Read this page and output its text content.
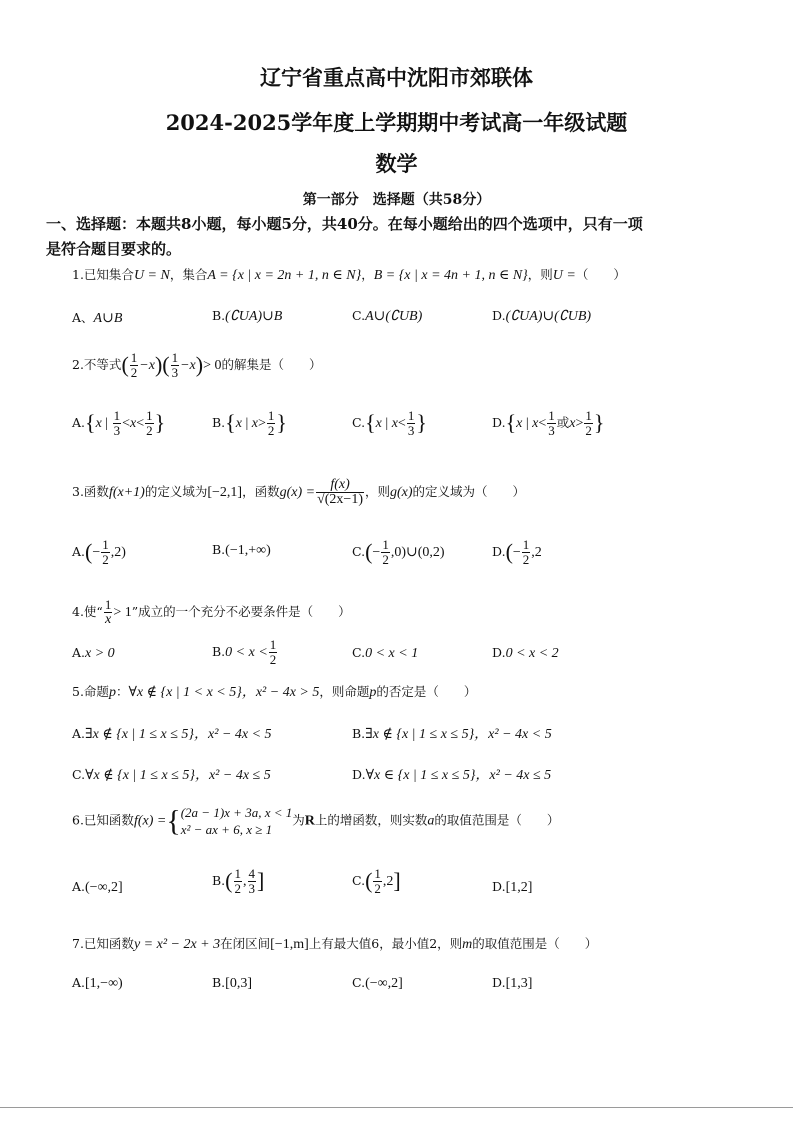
辽宁省重点高中沈阳市郊联体
2024-2025学年度上学期期中考试高一年级试题
数学
第一部分　选择题（共58分）
一、选择题：本题共8小题，每小题5分，共40分。在每小题给出的四个选项中，只有一项
是符合题目要求的。
1.已知集合U = N，集合A = {x | x = 2n + 1, n ∈ N}，B = {x | x = 4n + 1, n ∈ N}，则U =（　　）
A、A∪B	B.(∁UA)∪B	C.A∪(∁UB)	D.(∁UA)∪(∁UB)
2.不等式( $\frac{1}{2} -x)( \frac{1}{3} -x)> 0$的解集是（　　）
A.{x | $\frac{1}{3} <x< \frac{1}{2}$ }	B.{x | $x> \frac{1}{2}$ }	C.{x | $x< \frac{1}{3}$ }	D.{x | $x< \frac{1}{3}$ 或$x> \frac{1}{2}$ }
3.函数f(x+1)的定义域为[−2,1]，函数$g(x) = \frac{f(x)}{√(2x-1)}$ ，则g(x)的定义域为（　　）
$A.(- \frac{1}{2} ,2)$	B.(−1,+∞)	$C.(- \frac{1}{2}$ ,0)∪(0,2)	$D.(- \frac{1}{2} ,2$
4.使“ $\frac{1}{x} > 1$”成立的一个充分不必要条件是（　　）
A.x > 0	$B.0 < x < \frac{1}{2}$	C.0 < x < 1	D.0 < x < 2
5.命题p：∀x ∉ {x | 1 < x < 5}，x² − 4x > 5，则命题p的否定是（　　）
A.∃x ∉ {x | 1 ≤ x ≤ 5}，x² − 4x < 5	B.∃x ∉ {x | 1 ≤ x ≤ 5}，x² − 4x < 5
C.∀x ∉ {x | 1 ≤ x ≤ 5}，x² − 4x ≤ 5	D.∀x ∈ {x | 1 ≤ x ≤ 5}，x² − 4x ≤ 5
6.已知函数f(x) ={ (2a − 1)x + 3a, x < 1
x² − ax + 6, x ≥ 1
为R上的增函数，则实数a的取值范围是（　　）
A.(−∞,2]	$B.( \frac{1}{2}$ , $\frac{4}{3}$ ]	$C.( \frac{1}{2} ,2]$	D.[1,2]
7.已知函数y = x² − 2x + 3在闭区间[−1,m]上有最大值6，最小值2，则m的取值范围是（　　）
A.[1,−∞)	B.[0,3]	C.(−∞,2]	D.[1,3]
